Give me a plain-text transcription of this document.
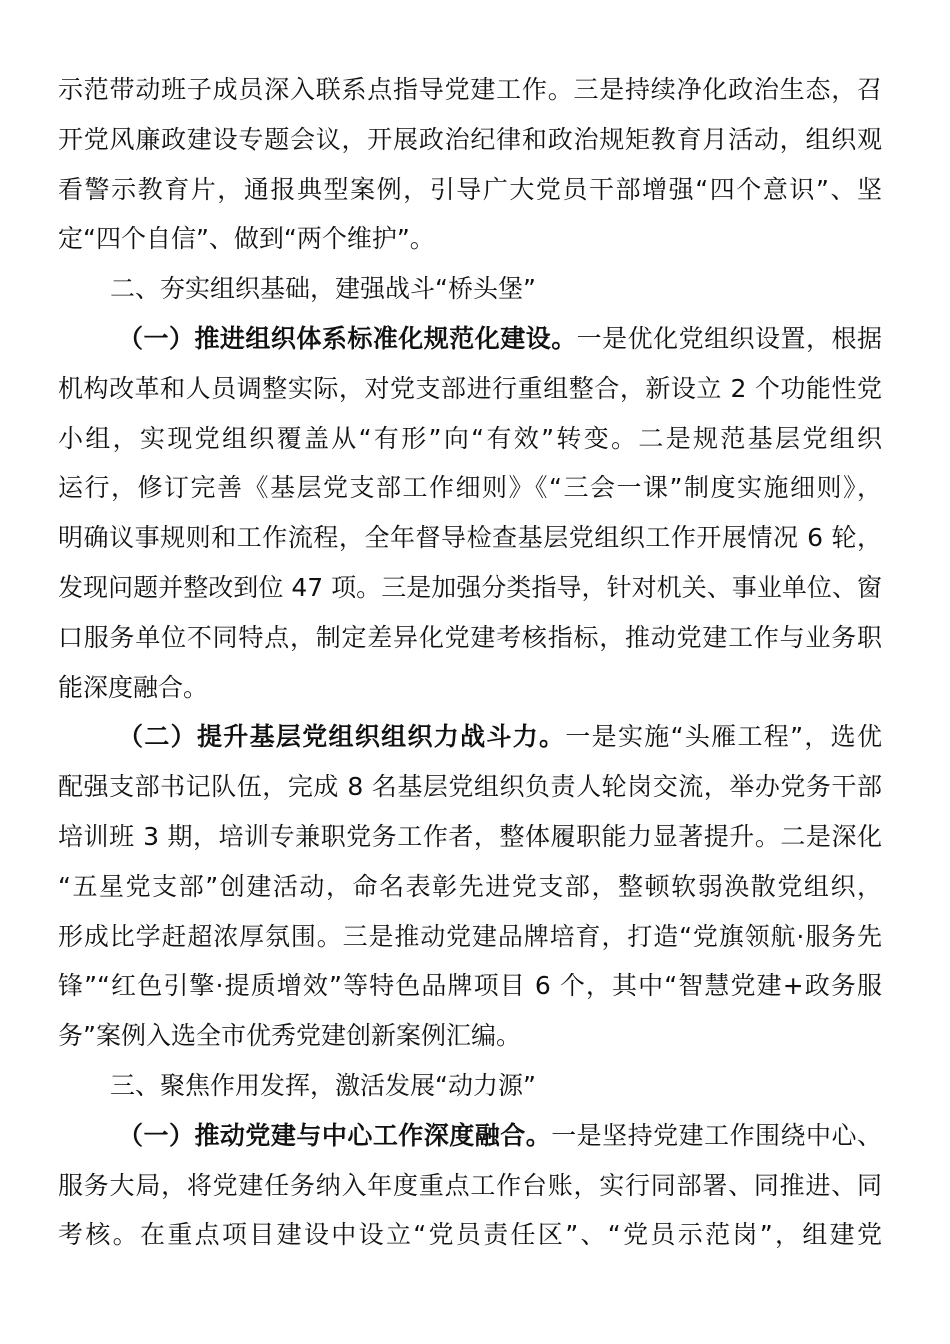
示范带动班子成员深入联系点指导党建工作。三是持续净化政治生态，召
开党风廉政建设专题会议，开展政治纪律和政治规矩教育月活动，组织观
看警示教育片，通报典型案例，引导广大党员干部增强“四个意识”、坚
定“四个自信”、做到“两个维护”。
二、夯实组织基础，建强战斗“桥头堡”
（一）推进组织体系标准化规范化建设。一是优化党组织设置，根据
机构改革和人员调整实际，对党支部进行重组整合，新设立 2 个功能性党
小组，实现党组织覆盖从“有形”向“有效”转变。二是规范基层党组织
运行，修订完善《基层党支部工作细则》《“三会一课”制度实施细则》，
明确议事规则和工作流程，全年督导检查基层党组织工作开展情况 6 轮，
发现问题并整改到位 47 项。三是加强分类指导，针对机关、事业单位、窗
口服务单位不同特点，制定差异化党建考核指标，推动党建工作与业务职
能深度融合。
（二）提升基层党组织组织力战斗力。一是实施“头雁工程”，选优
配强支部书记队伍，完成 8 名基层党组织负责人轮岗交流，举办党务干部
培训班 3 期，培训专兼职党务工作者，整体履职能力显著提升。二是深化
“五星党支部”创建活动，命名表彰先进党支部，整顿软弱涣散党组织，
形成比学赶超浓厚氛围。三是推动党建品牌培育，打造“党旗领航·服务先
锋”“红色引擎·提质增效”等特色品牌项目 6 个，其中“智慧党建+政务服
务”案例入选全市优秀党建创新案例汇编。
三、聚焦作用发挥，激活发展“动力源”
（一）推动党建与中心工作深度融合。一是坚持党建工作围绕中心、
服务大局，将党建任务纳入年度重点工作台账，实行同部署、同推进、同
考核。在重点项目建设中设立“党员责任区”、“党员示范岗”，组建党
